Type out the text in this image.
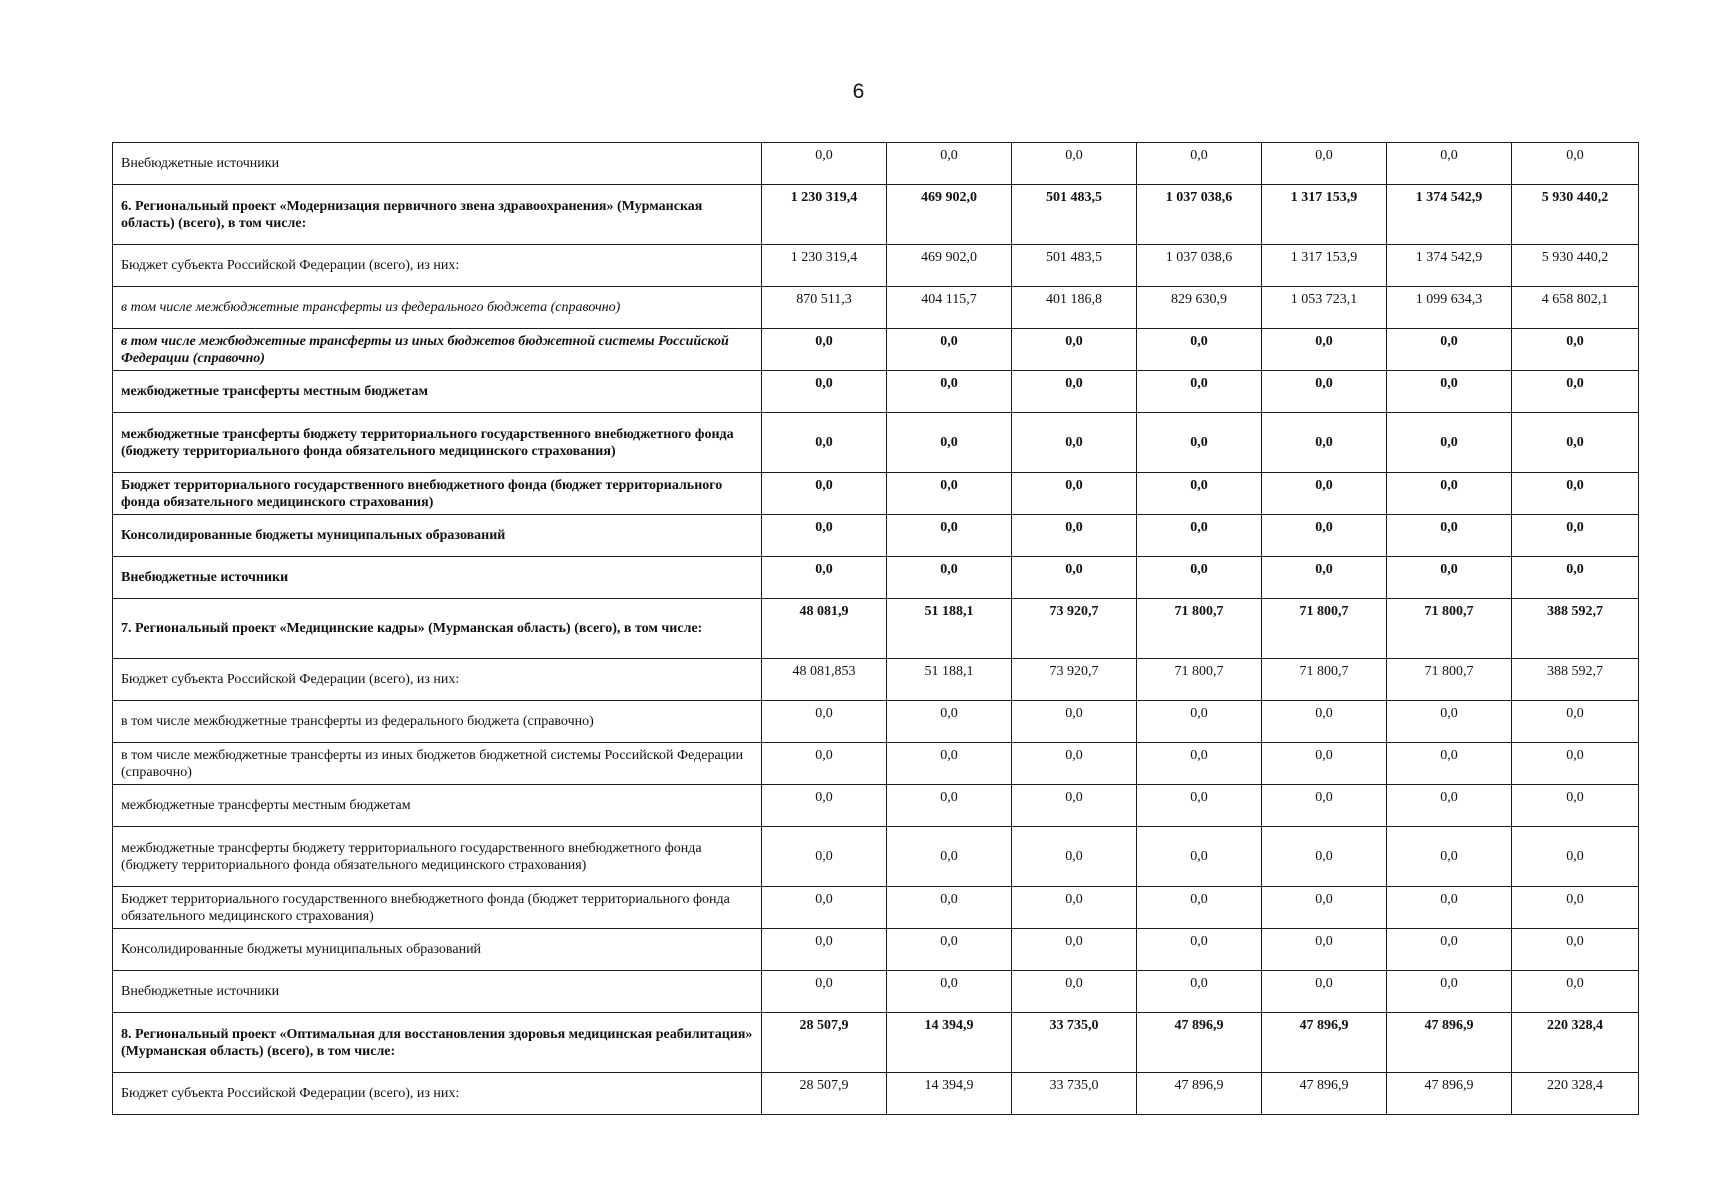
6
Внебюджетные источники	0,0	0,0	0,0	0,0	0,0	0,0	0,0
6. Региональный проект «Модернизация первичного звена здравоохранения» (Мурманская область) (всего), в том числе:	1 230 319,4	469 902,0	501 483,5	1 037 038,6	1 317 153,9	1 374 542,9	5 930 440,2
Бюджет субъекта Российской Федерации (всего), из них:	1 230 319,4	469 902,0	501 483,5	1 037 038,6	1 317 153,9	1 374 542,9	5 930 440,2
в том числе межбюджетные трансферты из федерального бюджета (справочно)	870 511,3	404 115,7	401 186,8	829 630,9	1 053 723,1	1 099 634,3	4 658 802,1
в том числе межбюджетные трансферты из иных бюджетов бюджетной системы Российской Федерации (справочно)	0,0	0,0	0,0	0,0	0,0	0,0	0,0
межбюджетные трансферты местным бюджетам	0,0	0,0	0,0	0,0	0,0	0,0	0,0
межбюджетные трансферты бюджету территориального государственного внебюджетного фонда (бюджету территориального фонда обязательного медицинского страхования)	0,0	0,0	0,0	0,0	0,0	0,0	0,0
Бюджет территориального государственного внебюджетного фонда (бюджет территориального фонда обязательного медицинского страхования)	0,0	0,0	0,0	0,0	0,0	0,0	0,0
Консолидированные бюджеты муниципальных образований	0,0	0,0	0,0	0,0	0,0	0,0	0,0
Внебюджетные источники	0,0	0,0	0,0	0,0	0,0	0,0	0,0
7. Региональный проект «Медицинские кадры» (Мурманская область) (всего), в том числе:	48 081,9	51 188,1	73 920,7	71 800,7	71 800,7	71 800,7	388 592,7
Бюджет субъекта Российской Федерации (всего), из них:	48 081,853	51 188,1	73 920,7	71 800,7	71 800,7	71 800,7	388 592,7
в том числе межбюджетные трансферты из федерального бюджета (справочно)	0,0	0,0	0,0	0,0	0,0	0,0	0,0
в том числе межбюджетные трансферты из иных бюджетов бюджетной системы Российской Федерации (справочно)	0,0	0,0	0,0	0,0	0,0	0,0	0,0
межбюджетные трансферты местным бюджетам	0,0	0,0	0,0	0,0	0,0	0,0	0,0
межбюджетные трансферты бюджету территориального государственного внебюджетного фонда (бюджету территориального фонда обязательного медицинского страхования)	0,0	0,0	0,0	0,0	0,0	0,0	0,0
Бюджет территориального государственного внебюджетного фонда (бюджет территориального фонда обязательного медицинского страхования)	0,0	0,0	0,0	0,0	0,0	0,0	0,0
Консолидированные бюджеты муниципальных образований	0,0	0,0	0,0	0,0	0,0	0,0	0,0
Внебюджетные источники	0,0	0,0	0,0	0,0	0,0	0,0	0,0
8. Региональный проект «Оптимальная для восстановления здоровья медицинская реабилитация» (Мурманская область) (всего), в том числе:	28 507,9	14 394,9	33 735,0	47 896,9	47 896,9	47 896,9	220 328,4
Бюджет субъекта Российской Федерации (всего), из них:	28 507,9	14 394,9	33 735,0	47 896,9	47 896,9	47 896,9	220 328,4
